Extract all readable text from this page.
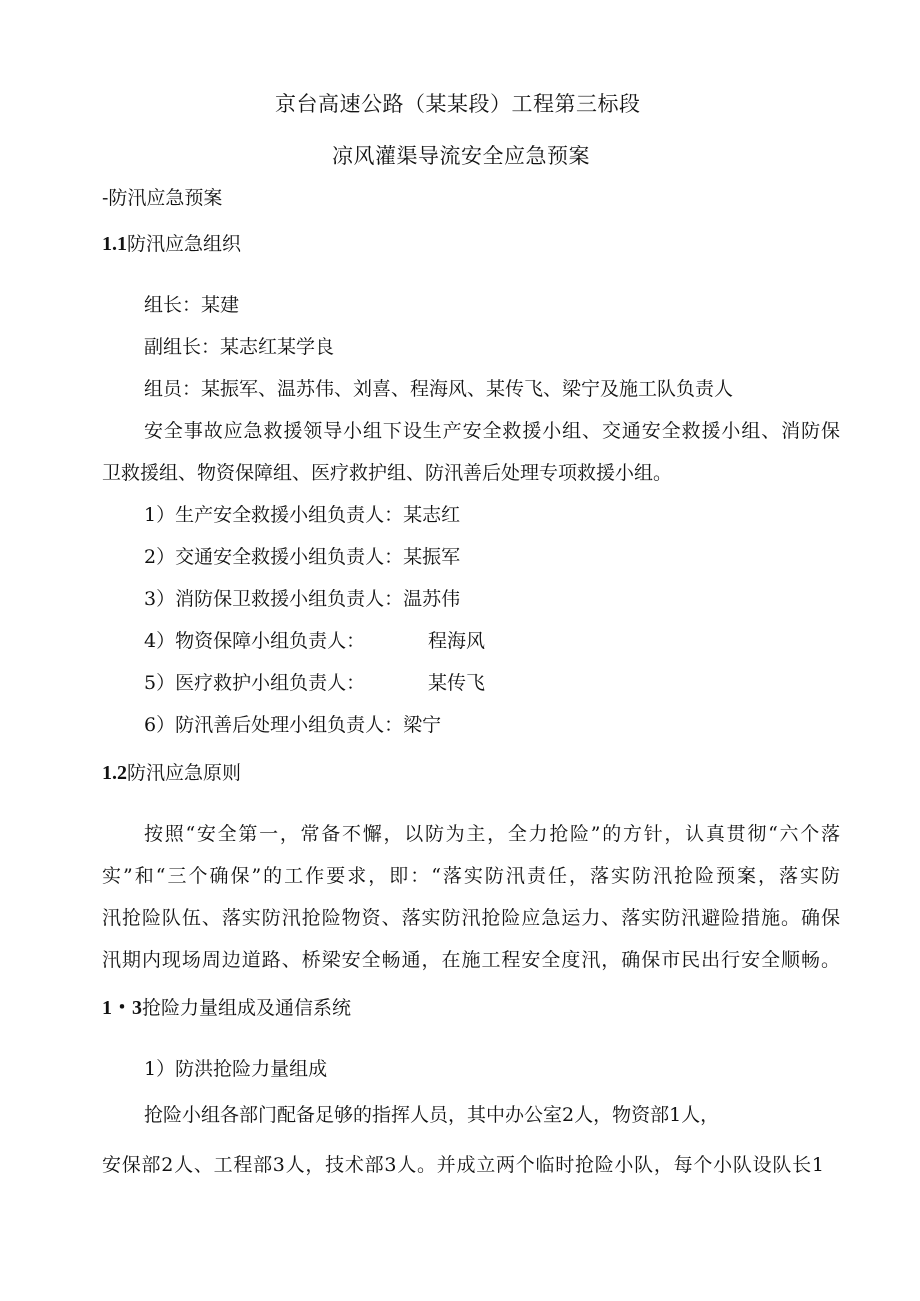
京台高速公路（某某段）工程第三标段
凉风灌渠导流安全应急预案
-防汛应急预案
1.1防汛应急组织
组长：某建
副组长：某志红某学良
组员：某振军、温苏伟、刘喜、程海风、某传飞、梁宁及施工队负责人
安全事故应急救援领导小组下设生产安全救援小组、交通安全救援小组、消防保
卫救援组、物资保障组、医疗救护组、防汛善后处理专项救援小组。
1）生产安全救援小组负责人：某志红
2）交通安全救援小组负责人：某振军
3）消防保卫救援小组负责人：温苏伟
4）物资保障小组负责人：	程海风
5）医疗救护小组负责人：	某传飞
6）防汛善后处理小组负责人：梁宁
1.2防汛应急原则
按照“安全第一，常备不懈，以防为主，全力抢险”的方针，认真贯彻“六个落
实”和“三个确保”的工作要求，即：“落实防汛责任，落实防汛抢险预案，落实防
汛抢险队伍、落实防汛抢险物资、落实防汛抢险应急运力、落实防汛避险措施。确保
汛期内现场周边道路、桥梁安全畅通，在施工程安全度汛，确保市民出行安全顺畅。
1・3抢险力量组成及通信系统
1）防洪抢险力量组成
抢险小组各部门配备足够的指挥人员，其中办公室2人，物资部1人，
安保部2人、工程部3人，技术部3人。并成立两个临时抢险小队，每个小队设队长1
